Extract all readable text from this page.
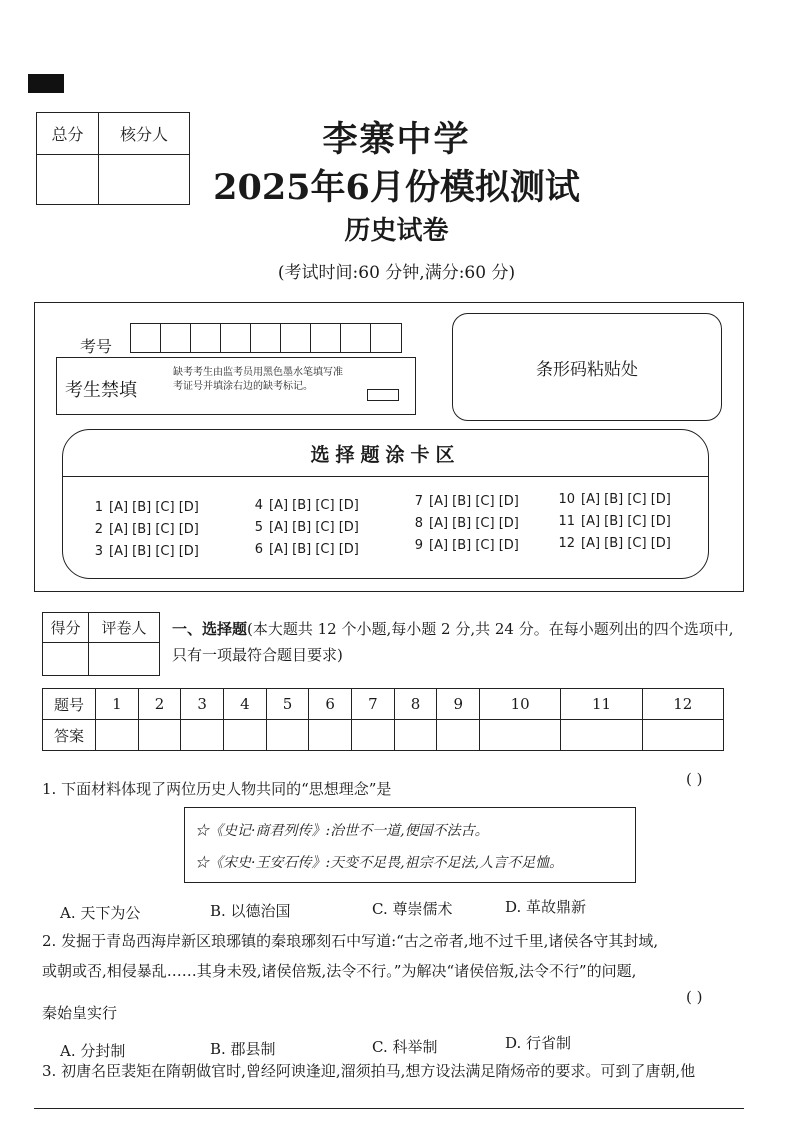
总分	核分人	李寨中学
2025年6月份模拟测试
历史试卷
(考试时间:60 分钟,满分:60 分)
考号
条形码粘贴处
考生禁填
缺考考生由监考员用黑色墨水笔填写准考证号并填涂右边的缺考标记。
选择题涂卡区
1 [A] [B] [C] [D]
2 [A] [B] [C] [D]
3 [A] [B] [C] [D]
4 [A] [B] [C] [D]
5 [A] [B] [C] [D]
6 [A] [B] [C] [D]
7 [A] [B] [C] [D]
8 [A] [B] [C] [D]
9 [A] [B] [C] [D]
10 [A] [B] [C] [D]
11 [A] [B] [C] [D]
12 [A] [B] [C] [D]
得分	评卷人	一、选择题(本大题共 12 个小题,每小题 2 分,共 24 分。在每小题列出的四个选项中,只有一项最符合题目要求)
题号	1	2	3	4	5	6	7	8	9	10	11	12
答案												
1. 下面材料体现了两位历史人物共同的“思想理念”是
( )
☆《史记·商君列传》:治世不一道,便国不法古。
☆《宋史·王安石传》:天变不足畏,祖宗不足法,人言不足恤。
A. 天下为公	B. 以德治国	C. 尊崇儒术	D. 革故鼎新
2. 发掘于青岛西海岸新区琅琊镇的秦琅琊刻石中写道:“古之帝者,地不过千里,诸侯各守其封域,
或朝或否,相侵暴乱……其身未殁,诸侯倍叛,法令不行。”为解决“诸侯倍叛,法令不行”的问题,
( )
秦始皇实行
A. 分封制	B. 郡县制	C. 科举制	D. 行省制
3. 初唐名臣裴矩在隋朝做官时,曾经阿谀逢迎,溜须拍马,想方设法满足隋炀帝的要求。可到了唐朝,他
